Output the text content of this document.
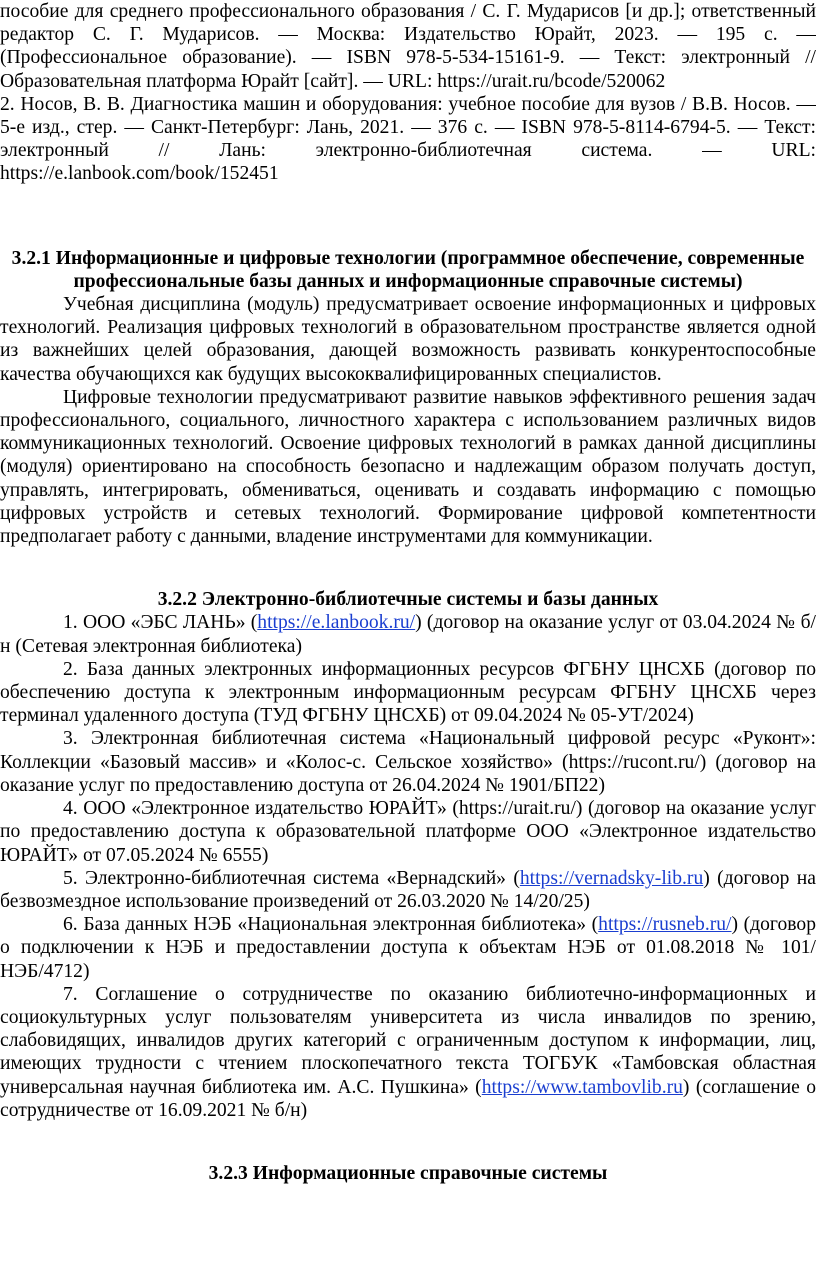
пособие для среднего профессионального образования / С. Г. Мударисов [и др.]; ответственный редактор С. Г. Мударисов. — Москва: Издательство Юрайт, 2023. — 195 с. — (Профессиональное образование). — ISBN 978-5-534-15161-9. — Текст: электронный // Образовательная платформа Юрайт [сайт]. — URL: https://urait.ru/bcode/520062

2. Носов, В. В. Диагностика машин и оборудования: учебное пособие для вузов / В.В. Носов. — 5-е изд., стер. — Санкт-Петербург: Лань, 2021. — 376 с. — ISBN 978-5-8114-6794-5. — Текст: электронный // Лань: электронно-библиотечная система. — URL: https://e.lanbook.com/book/152451

3.2.1 Информационные и цифровые технологии (программное обеспечение, современные профессиональные базы данных и информационные справочные системы)

Учебная дисциплина (модуль) предусматривает освоение информационных и цифровых технологий. Реализация цифровых технологий в образовательном пространстве является одной из важнейших целей образования, дающей возможность развивать конкурентоспособные качества обучающихся как будущих высококвалифицированных специалистов.

Цифровые технологии предусматривают развитие навыков эффективного решения задач профессионального, социального, личностного характера с использованием различных видов коммуникационных технологий. Освоение цифровых технологий в рамках данной дисциплины (модуля) ориентировано на способность безопасно и надлежащим образом получать доступ, управлять, интегрировать, обмениваться, оценивать и создавать информацию с помощью цифровых устройств и сетевых технологий. Формирование цифровой компетентности предполагает работу с данными, владение инструментами для коммуникации.

3.2.2 Электронно-библиотечные системы и базы данных

1. ООО «ЭБС ЛАНЬ» (https://e.lanbook.ru/) (договор на оказание услуг от 03.04.2024 № б/н (Сетевая электронная библиотека)

2. База данных электронных информационных ресурсов ФГБНУ ЦНСХБ (договор по обеспечению доступа к электронным информационным ресурсам ФГБНУ ЦНСХБ через терминал удаленного доступа (ТУД ФГБНУ ЦНСХБ) от 09.04.2024 № 05-УТ/2024)

3. Электронная библиотечная система «Национальный цифровой ресурс «Руконт»: Коллекции «Базовый массив» и «Колос-с. Сельское хозяйство» (https://rucont.ru/) (договор на оказание услуг по предоставлению доступа от 26.04.2024 № 1901/БП22)

4. ООО «Электронное издательство ЮРАЙТ» (https://urait.ru/) (договор на оказание услуг по предоставлению доступа к образовательной платформе ООО «Электронное издательство ЮРАЙТ» от 07.05.2024 № 6555)

5. Электронно-библиотечная система «Вернадский» (https://vernadsky-lib.ru) (договор на безвозмездное использование произведений от 26.03.2020 № 14/20/25)

6. База данных НЭБ «Национальная электронная библиотека» (https://rusneb.ru/) (договор о подключении к НЭБ и предоставлении доступа к объектам НЭБ от 01.08.2018 № 101/НЭБ/4712)

7. Соглашение о сотрудничестве по оказанию библиотечно-информационных и социокультурных услуг пользователям университета из числа инвалидов по зрению, слабовидящих, инвалидов других категорий с ограниченным доступом к информации, лиц, имеющих трудности с чтением плоскопечатного текста ТОГБУК «Тамбовская областная универсальная научная библиотека им. А.С. Пушкина» (https://www.tambovlib.ru) (соглашение о сотрудничестве от 16.09.2021 № б/н)

3.2.3 Информационные справочные системы
